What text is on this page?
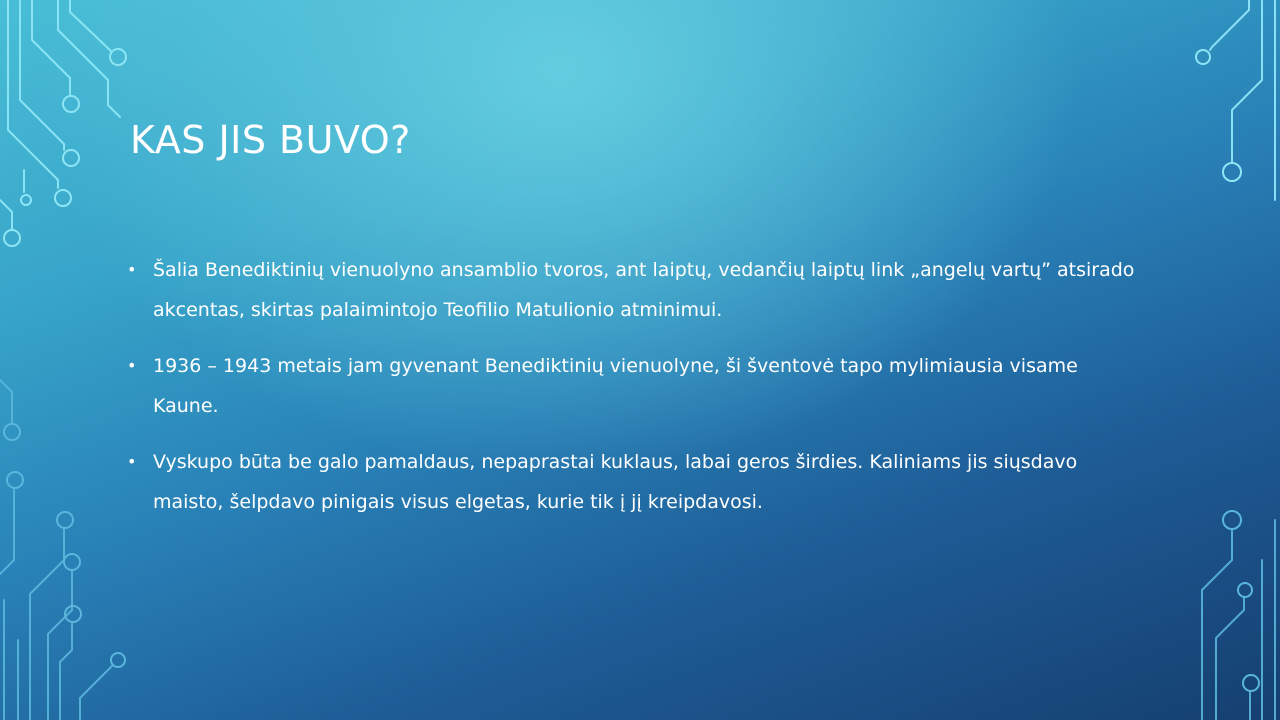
KAS JIS BUVO?
• Šalia Benediktinių vienuolyno ansamblio tvoros, ant laiptų, vedančių laiptų link „angelų vartų” atsirado akcentas, skirtas palaimintojo Teofilio Matulionio atminimui.
• 1936 – 1943 metais jam gyvenant Benediktinių vienuolyne, ši šventovė tapo mylimiausia visame Kaune.
• Vyskupo būta be galo pamaldaus, nepaprastai kuklaus, labai geros širdies. Kaliniams jis siųsdavo maisto, šelpdavo pinigais visus elgetas, kurie tik į jį kreipdavosi.
